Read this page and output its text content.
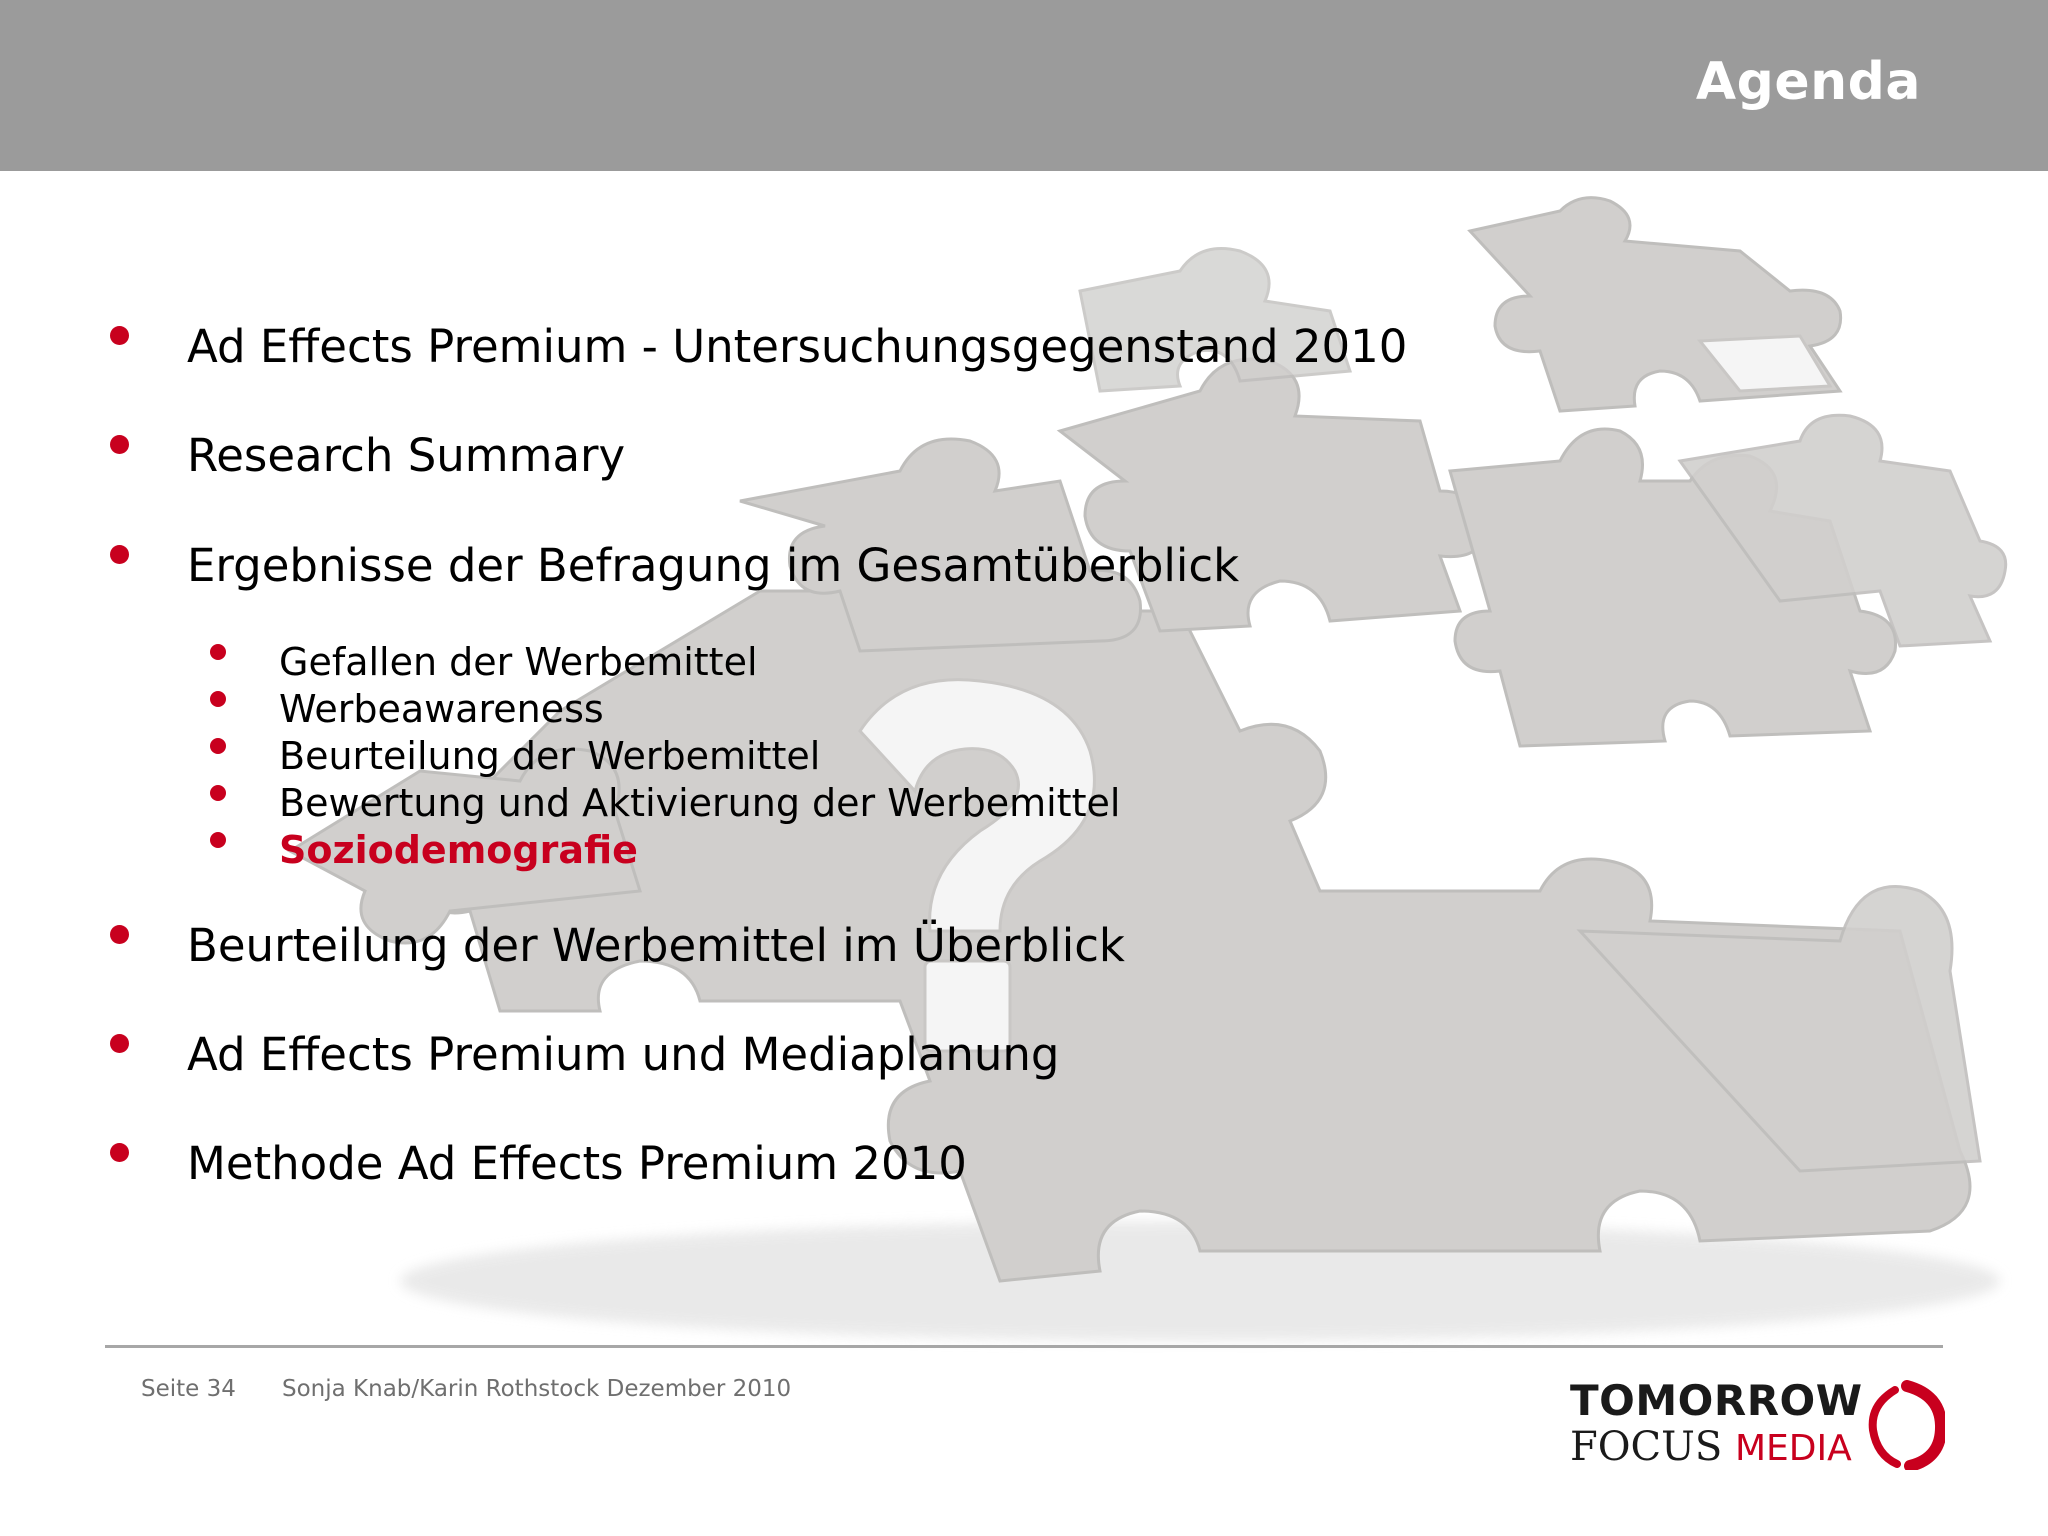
Agenda
Ad Effects Premium - Untersuchungsgegenstand 2010
Research Summary
Ergebnisse der Befragung im Gesamtüberblick
Gefallen der Werbemittel
Werbeawareness
Beurteilung der Werbemittel
Bewertung und Aktivierung der Werbemittel
Soziodemografie
Beurteilung der Werbemittel im Überblick
Ad Effects Premium und Mediaplanung
Methode Ad Effects Premium 2010
Seite 34 Sonja Knab/Karin Rothstock Dezember 2010	TOMORROW
FOCUS MEDIA
